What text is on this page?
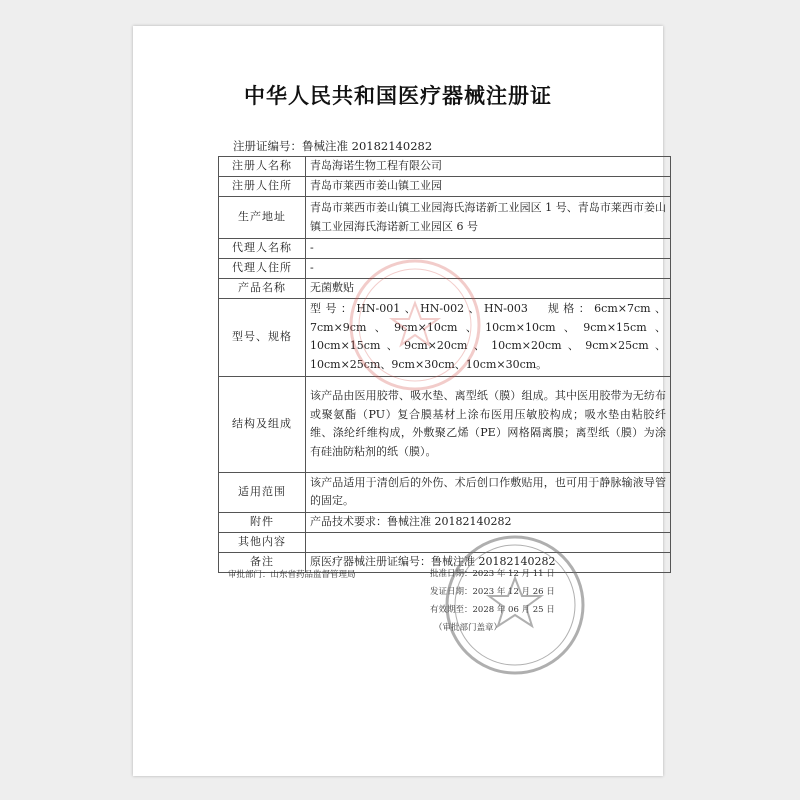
中华人民共和国医疗器械注册证
注册证编号：鲁械注准 20182140282
注册人名称	青岛海诺生物工程有限公司
注册人住所	青岛市莱西市姜山镇工业园
生产地址	青岛市莱西市姜山镇工业园海氏海诺新工业园区 1 号、青岛市莱西市姜山镇工业园海氏海诺新工业园区 6 号
代理人名称	-
代理人住所	-
产品名称	无菌敷贴
型号、规格	型号：HN-001、HN-002、HN-003　规格：6cm×7cm、7cm×9cm、9cm×10cm、10cm×10cm、9cm×15cm、10cm×15cm、9cm×20cm、10cm×20cm、9cm×25cm、10cm×25cm、9cm×30cm、10cm×30cm。
结构及组成	该产品由医用胶带、吸水垫、离型纸（膜）组成。其中医用胶带为无纺布或聚氨酯（PU）复合膜基材上涂布医用压敏胶构成；吸水垫由粘胶纤维、涤纶纤维构成，外敷聚乙烯（PE）网格隔离膜；离型纸（膜）为涂有硅油防粘剂的纸（膜）。
适用范围	该产品适用于清创后的外伤、术后创口作敷贴用，也可用于静脉输液导管的固定。
附件	产品技术要求：鲁械注准 20182140282
其他内容	
备注	原医疗器械注册证编号：鲁械注准 20182140282
审批部门：山东省药品监督管理局	批准日期：2023 年 12 月 11 日
发证日期：2023 年 12 月 26 日
有效期至：2028 年 06 月 25 日
（审批部门盖章）
